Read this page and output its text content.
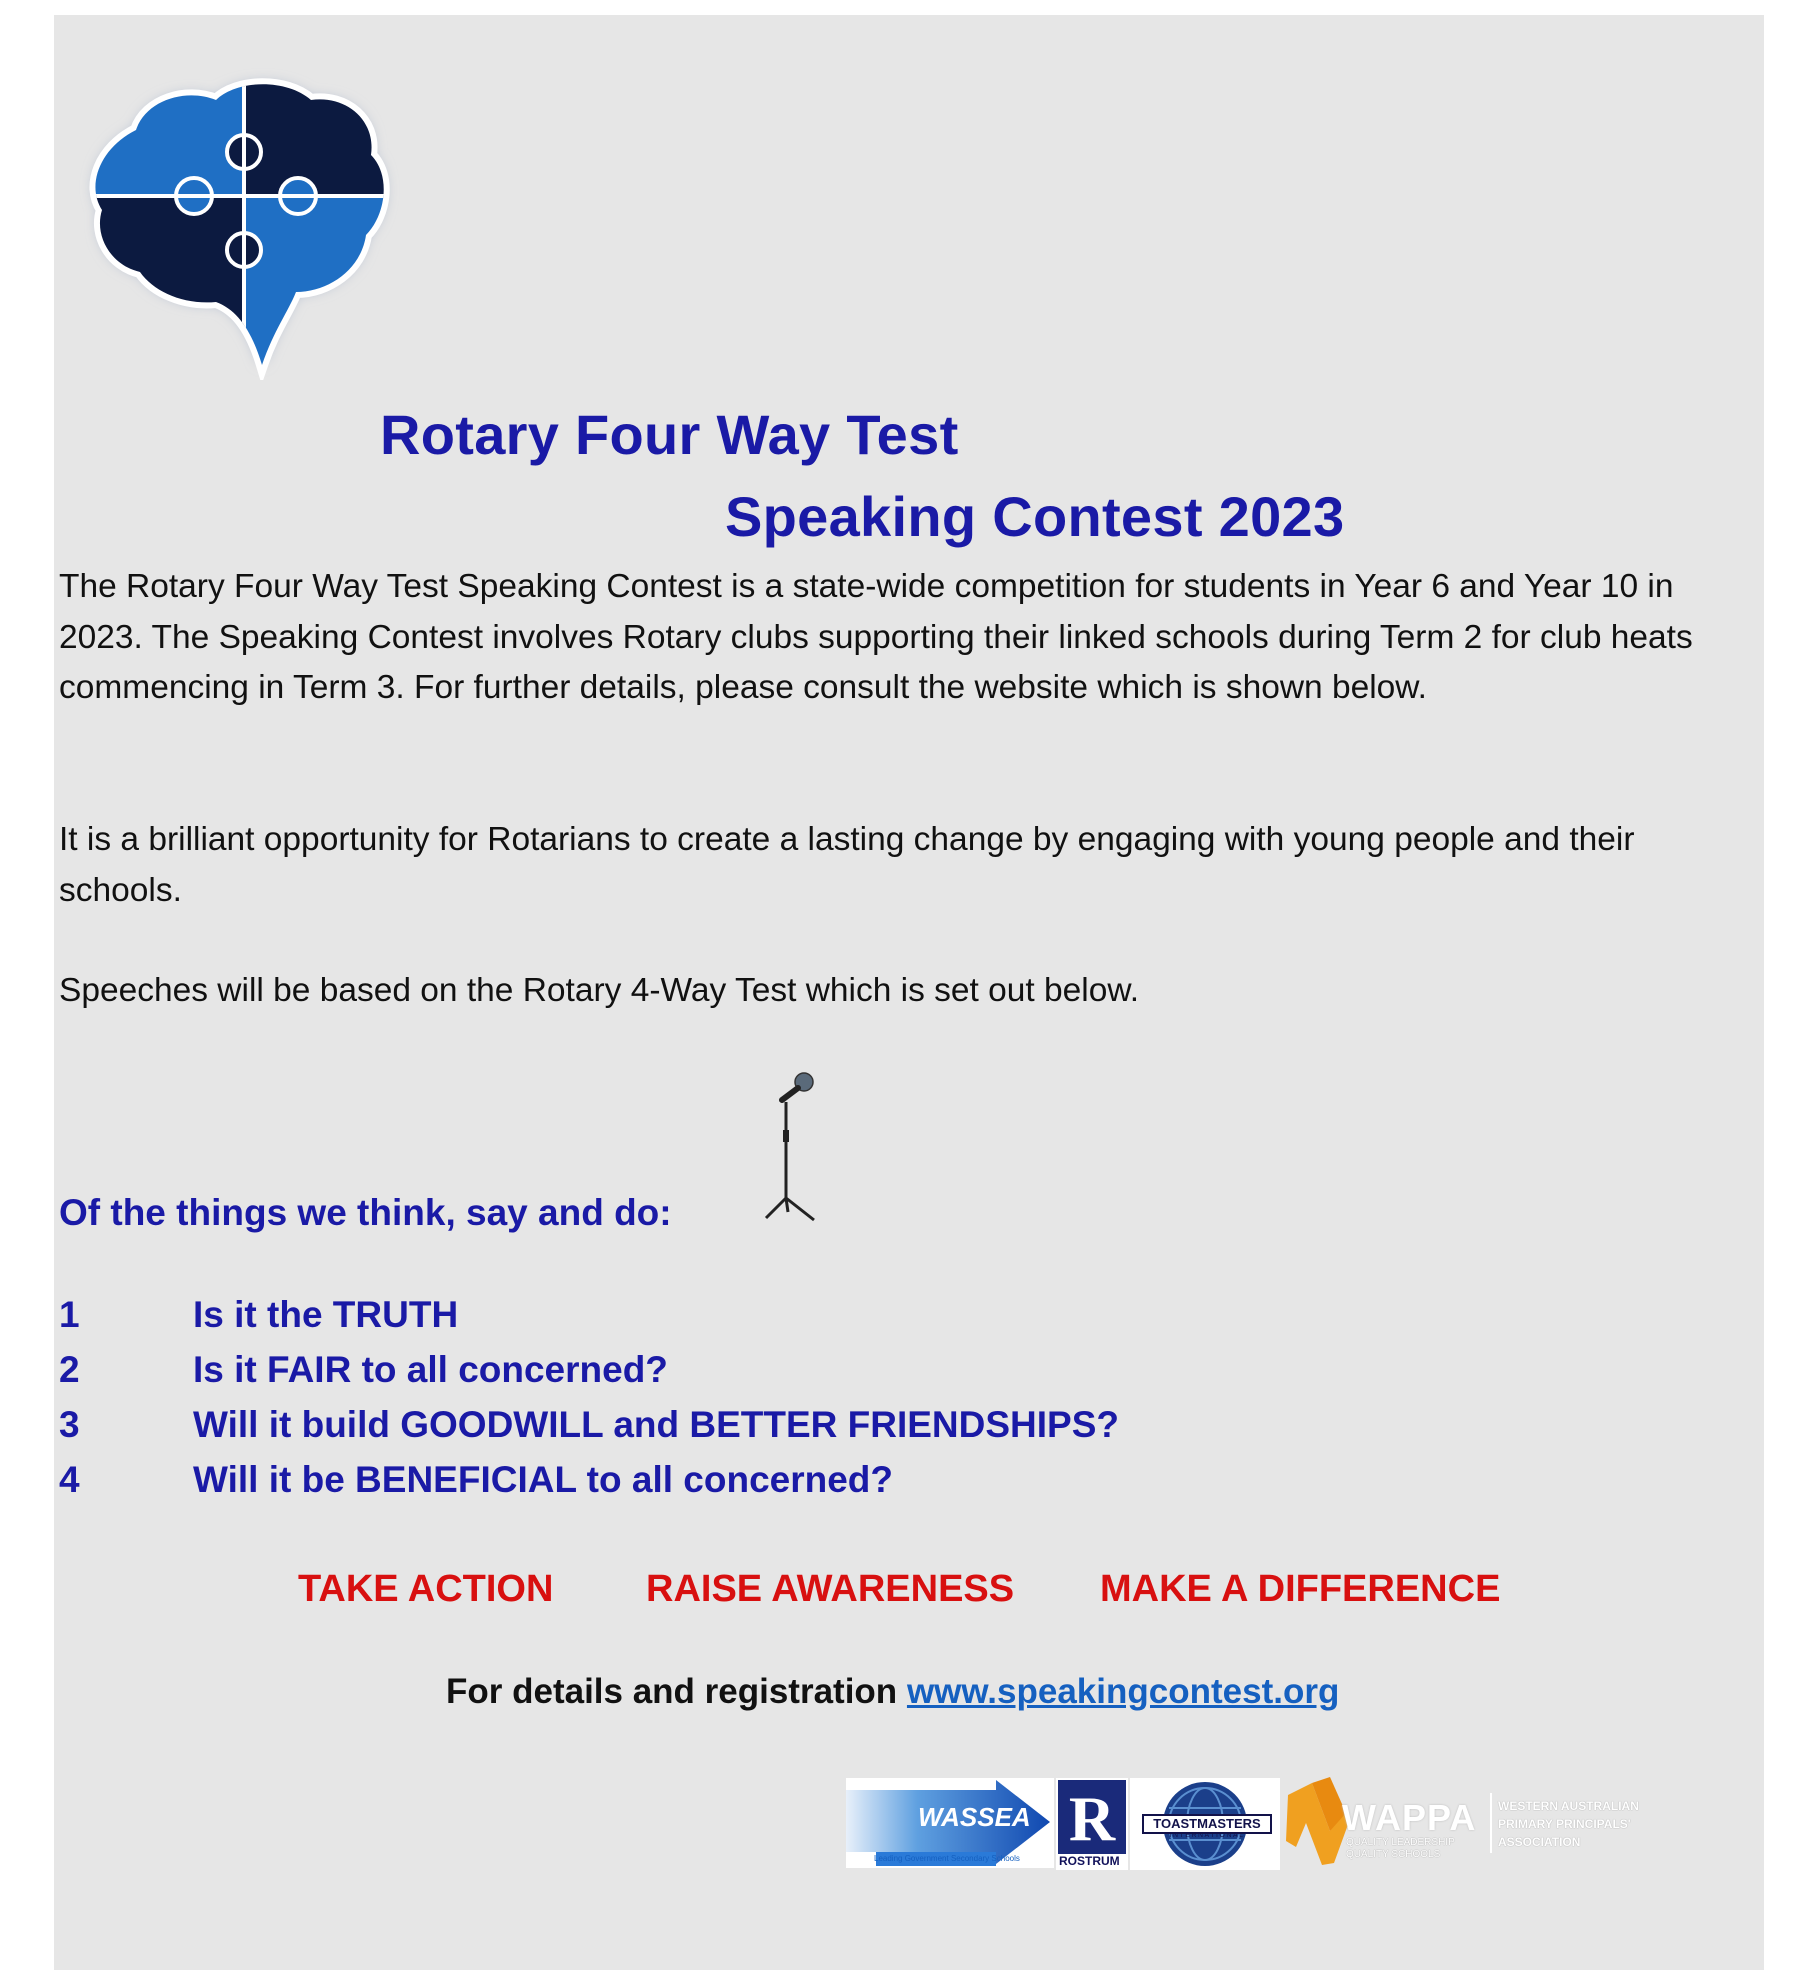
Rotary Four Way Test
Speaking Contest 2023

The Rotary Four Way Test Speaking Contest is a state-wide competition for students in Year 6 and Year 10 in 2023. The Speaking Contest involves Rotary clubs supporting their linked schools during Term 2 for club heats commencing in Term 3. For further details, please consult the website which is shown below.

It is a brilliant opportunity for Rotarians to create a lasting change by engaging with young people and their schools.

Speeches will be based on the Rotary 4-Way Test which is set out below.

Of the things we think, say and do:
1	Is it the TRUTH
2	Is it FAIR to all concerned?
3	Will it build GOODWILL and BETTER FRIENDSHIPS?
4	Will it be BENEFICIAL to all concerned?
TAKE ACTION RAISE AWARENESS MAKE A DIFFERENCE
For details and registration www.speakingcontest.org
WASSEA
Leading Government Secondary Schools
R
ROSTRUM
TOASTMASTERS
INTERNATIONAL	WAPPA
QUALITY LEADERSHIP
QUALITY SCHOOLS
WESTERN AUSTRALIAN
PRIMARY PRINCIPALS'
ASSOCIATION
